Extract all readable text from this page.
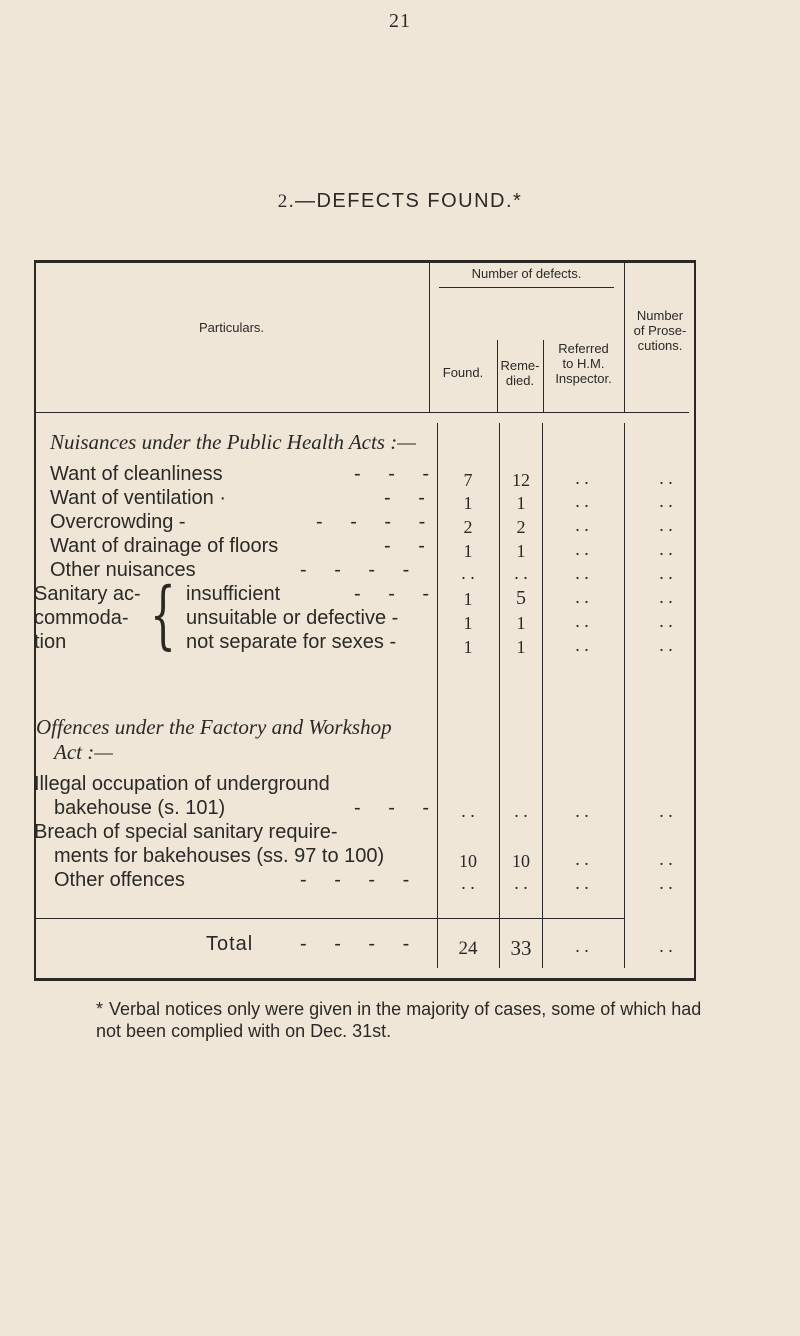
21
2.—DEFECTS FOUND.*
Particulars.
Number of defects.
Found.	Reme-
died.
Referred
to H.M.
Inspector.
Number
of Prose-
cutions.
Nuisances under the Public Health Acts :—
Offences under the Factory and Workshop
Act :—
Want of cleanliness	- - -	7	12	. .	. .
Want of ventilation ·	- -	1	1	. .	. .
Overcrowding -	- - - -	2	2	. .	. .
Want of drainage of floors	- -	1	1	. .	. .
Other nuisances	- - - -	. .	. .	. .	. .
Sanitary ac-
commoda-
tion { insufficient	- - -	1	5	. .	. .
unsuitable or defective -	1	1	. .	. .
not separate for sexes -	1	1	. .	. .
Illegal occupation of underground
bakehouse (s. 101)	- - -	. .	. .	. .	. .
Breach of special sanitary require-
ments for bakehouses (ss. 97 to 100)	10	10	. .	. .
Other offences	- - - -	. .	. .	. .	. .
Total - - - -	24	33	. .	. .
* Verbal notices only were given in the majority of cases, some of which had not been complied with on Dec. 31st.
